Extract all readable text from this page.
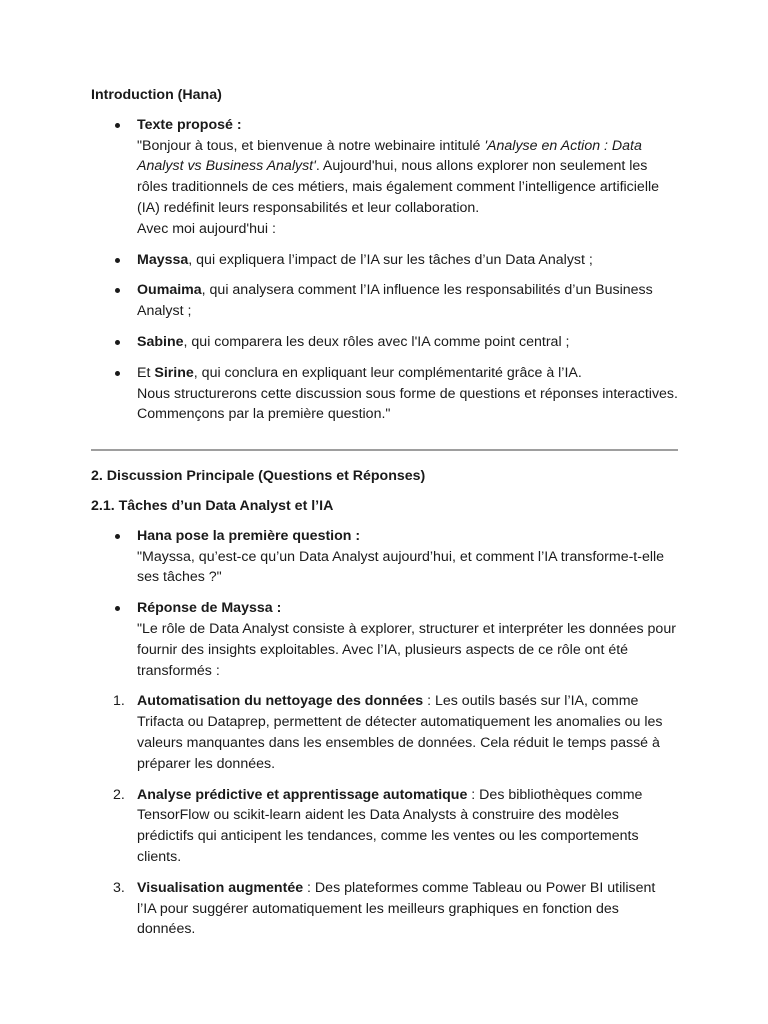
Introduction (Hana)

Texte proposé :
"Bonjour à tous, et bienvenue à notre webinaire intitulé 'Analyse en Action : Data Analyst vs Business Analyst'. Aujourd'hui, nous allons explorer non seulement les rôles traditionnels de ces métiers, mais également comment l’intelligence artificielle (IA) redéfinit leurs responsabilités et leur collaboration.
Avec moi aujourd'hui :
Mayssa, qui expliquera l’impact de l’IA sur les tâches d’un Data Analyst ;
Oumaima, qui analysera comment l’IA influence les responsabilités d’un Business Analyst ;
Sabine, qui comparera les deux rôles avec l'IA comme point central ;
Et Sirine, qui conclura en expliquant leur complémentarité grâce à l’IA.
Nous structurerons cette discussion sous forme de questions et réponses interactives. Commençons par la première question."

2. Discussion Principale (Questions et Réponses)

2.1. Tâches d’un Data Analyst et l’IA

Hana pose la première question :
"Mayssa, qu’est-ce qu’un Data Analyst aujourd’hui, et comment l’IA transforme-t-elle ses tâches ?"
Réponse de Mayssa :
"Le rôle de Data Analyst consiste à explorer, structurer et interpréter les données pour fournir des insights exploitables. Avec l’IA, plusieurs aspects de ce rôle ont été transformés :
1. Automatisation du nettoyage des données : Les outils basés sur l’IA, comme Trifacta ou Dataprep, permettent de détecter automatiquement les anomalies ou les valeurs manquantes dans les ensembles de données. Cela réduit le temps passé à préparer les données.
2. Analyse prédictive et apprentissage automatique : Des bibliothèques comme TensorFlow ou scikit-learn aident les Data Analysts à construire des modèles prédictifs qui anticipent les tendances, comme les ventes ou les comportements clients.
3. Visualisation augmentée : Des plateformes comme Tableau ou Power BI utilisent l’IA pour suggérer automatiquement les meilleurs graphiques en fonction des données.
